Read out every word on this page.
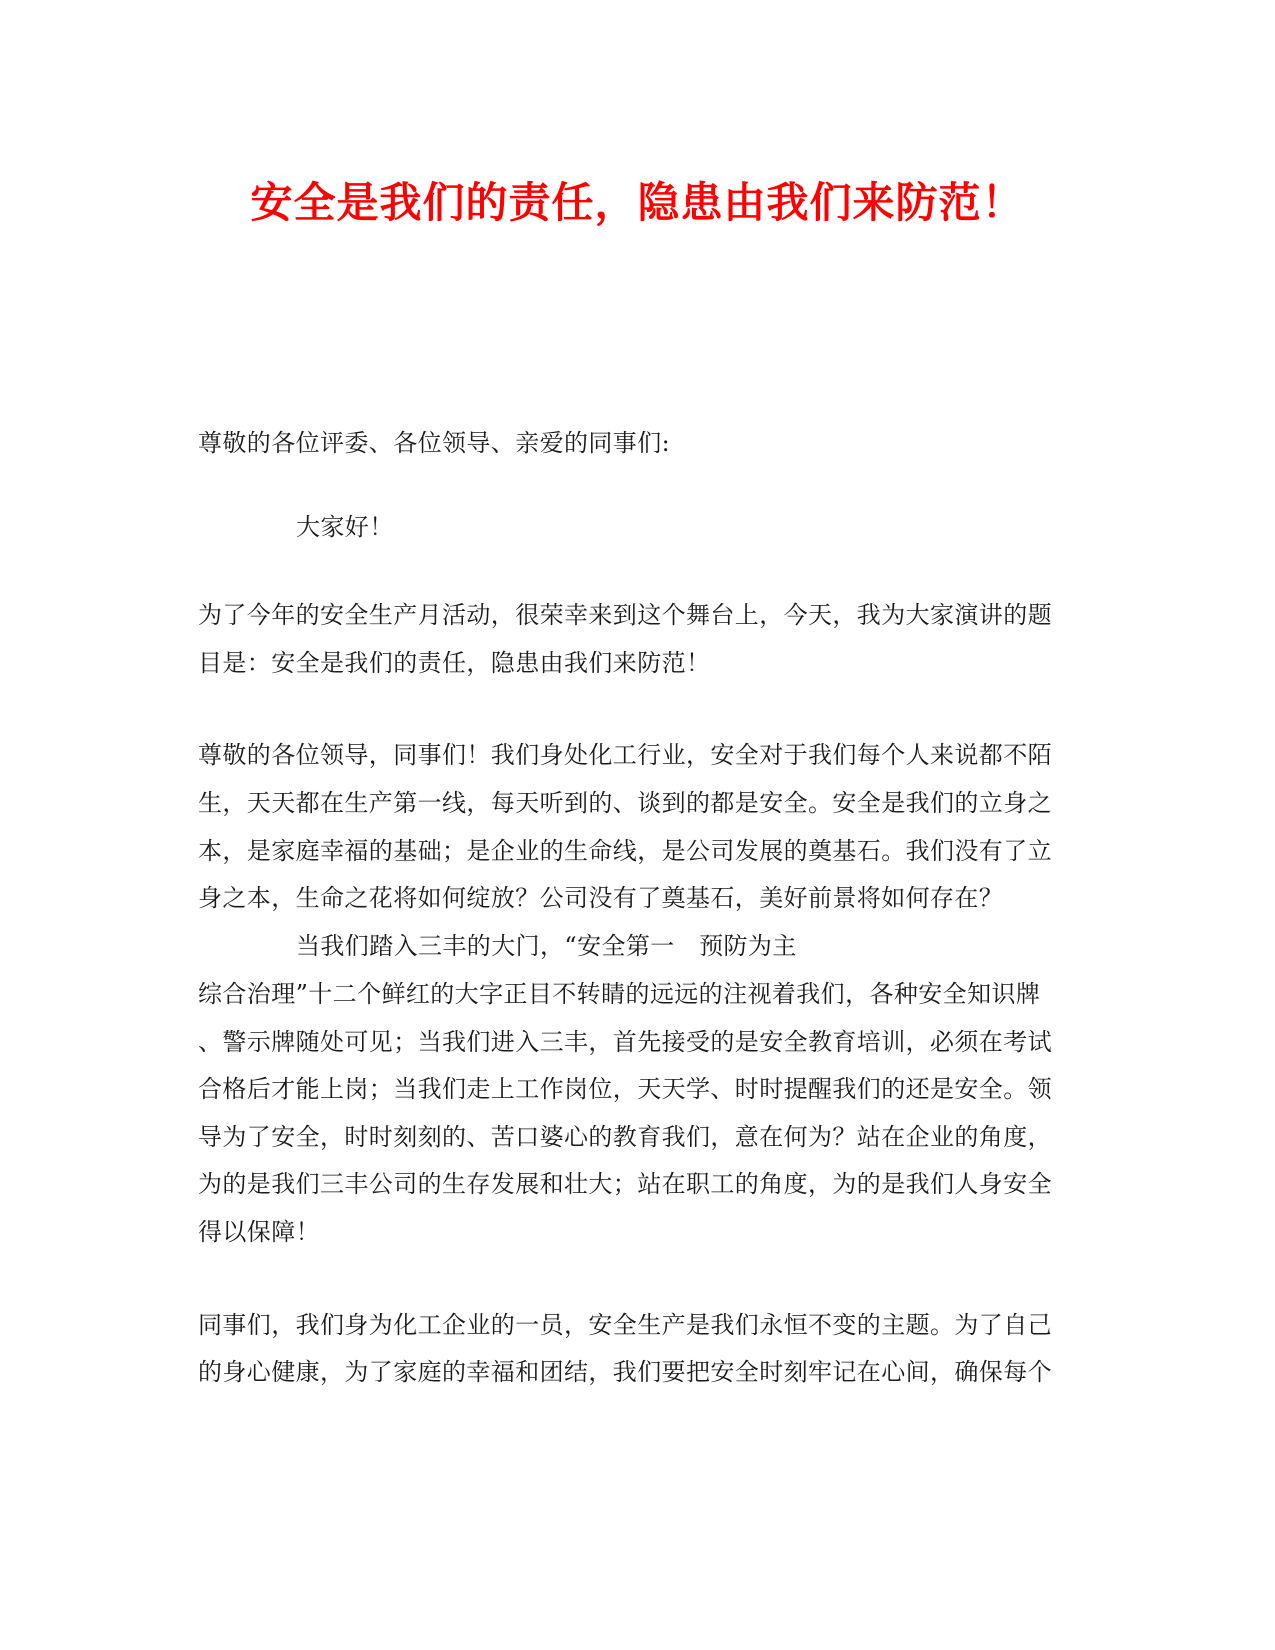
安全是我们的责任，隐患由我们来防范！
尊敬的各位评委、各位领导、亲爱的同事们:
大家好！
为了今年的安全生产月活动，很荣幸来到这个舞台上，今天，我为大家演讲的题
目是：安全是我们的责任，隐患由我们来防范！
尊敬的各位领导，同事们！我们身处化工行业，安全对于我们每个人来说都不陌
生，天天都在生产第一线，每天听到的、谈到的都是安全。安全是我们的立身之
本，是家庭幸福的基础；是企业的生命线，是公司发展的奠基石。我们没有了立
身之本，生命之花将如何绽放？公司没有了奠基石，美好前景将如何存在？
当我们踏入三丰的大门，“安全第一　预防为主
综合治理”十二个鲜红的大字正目不转睛的远远的注视着我们，各种安全知识牌
、警示牌随处可见；当我们进入三丰，首先接受的是安全教育培训，必须在考试
合格后才能上岗；当我们走上工作岗位，天天学、时时提醒我们的还是安全。领
导为了安全，时时刻刻的、苦口婆心的教育我们，意在何为？站在企业的角度，
为的是我们三丰公司的生存发展和壮大；站在职工的角度，为的是我们人身安全
得以保障！
同事们，我们身为化工企业的一员，安全生产是我们永恒不变的主题。为了自己
的身心健康，为了家庭的幸福和团结，我们要把安全时刻牢记在心间，确保每个
